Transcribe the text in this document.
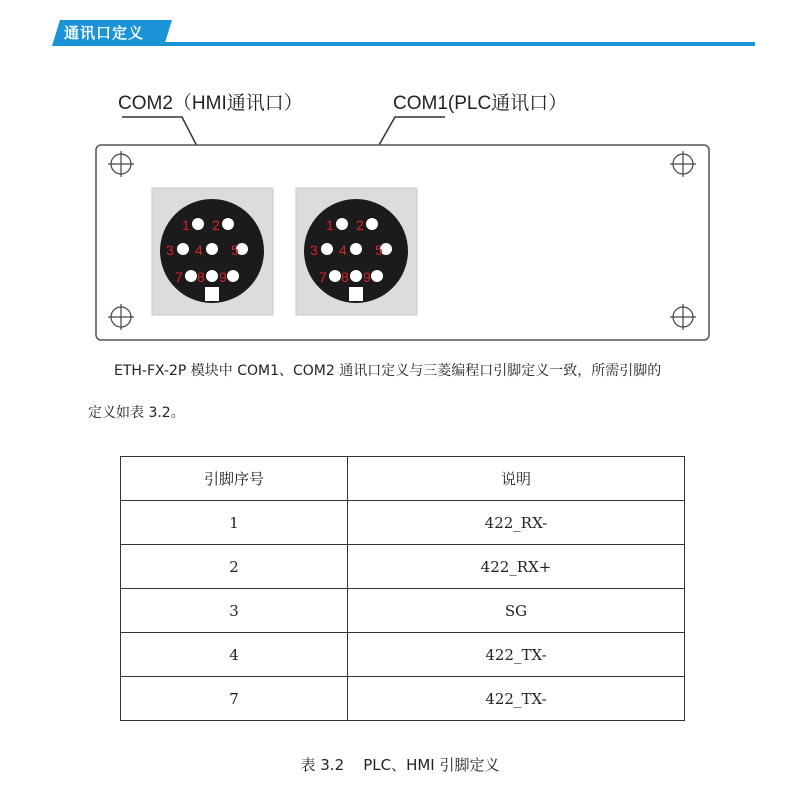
通讯口定义
COM2（HMI通讯口）	COM1(PLC通讯口）
1 2
3 4 5
7 8 9
1 2
3 4 5
7 8 9
ETH-FX-2P 模块中 COM1、COM2 通讯口定义与三菱编程口引脚定义一致，所需引脚的
定义如表 3.2。
引脚序号	说明
1	422_RX-
2	422_RX+
3	SG
4	422_TX-
7	422_TX-
表 3.2    PLC、HMI 引脚定义
